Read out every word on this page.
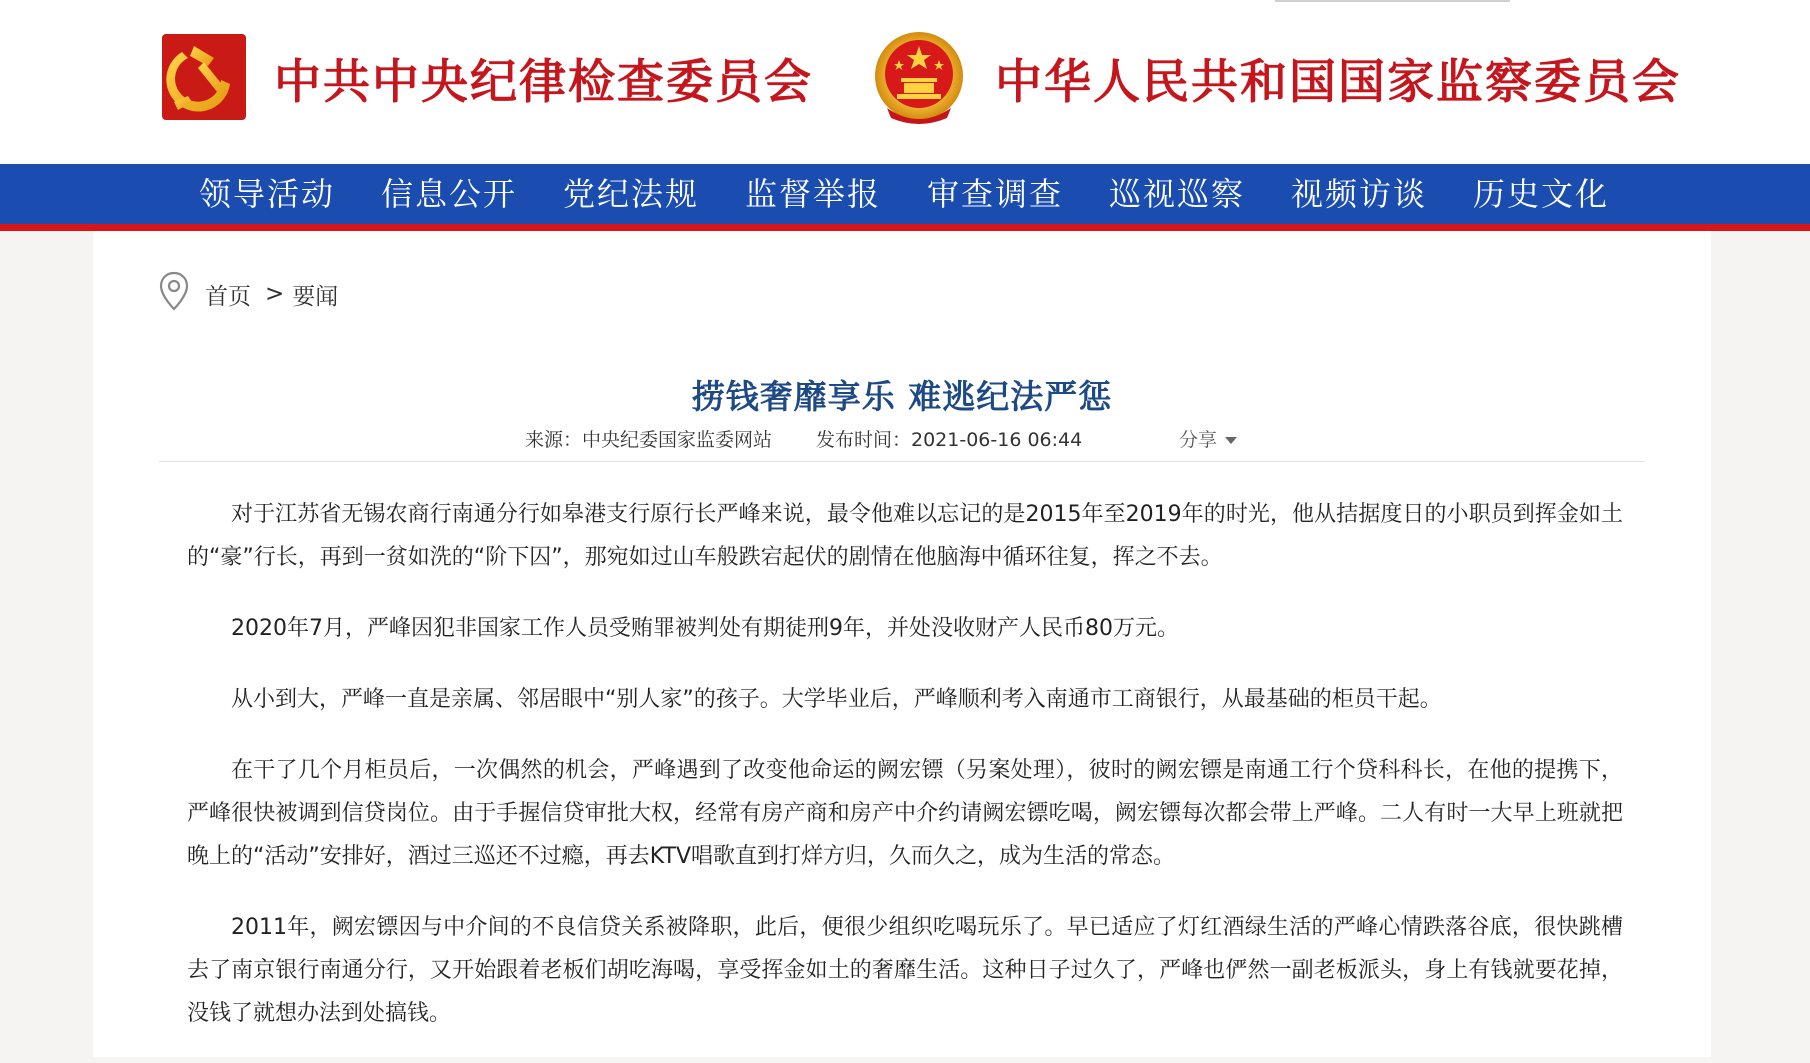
中共中央纪律检查委员会	中华人民共和国国家监察委员会
领导活动	信息公开	党纪法规	监督举报	审查调查	巡视巡察	视频访谈	历史文化
首页 > 要闻
捞钱奢靡享乐 难逃纪法严惩
来源：中央纪委国家监委网站 发布时间：2021-06-16 06:44	分享

对于江苏省无锡农商行南通分行如皋港支行原行长严峰来说，最令他难以忘记的是2015年至2019年的时光，他从拮据度日的小职员到挥金如土的“豪”行长，再到一贫如洗的“阶下囚”，那宛如过山车般跌宕起伏的剧情在他脑海中循环往复，挥之不去。

2020年7月，严峰因犯非国家工作人员受贿罪被判处有期徒刑9年，并处没收财产人民币80万元。

从小到大，严峰一直是亲属、邻居眼中“别人家”的孩子。大学毕业后，严峰顺利考入南通市工商银行，从最基础的柜员干起。

在干了几个月柜员后，一次偶然的机会，严峰遇到了改变他命运的阙宏镖（另案处理），彼时的阙宏镖是南通工行个贷科科长，在他的提携下，严峰很快被调到信贷岗位。由于手握信贷审批大权，经常有房产商和房产中介约请阙宏镖吃喝，阙宏镖每次都会带上严峰。二人有时一大早上班就把晚上的“活动”安排好，酒过三巡还不过瘾，再去KTV唱歌直到打烊方归，久而久之，成为生活的常态。

2011年，阙宏镖因与中介间的不良信贷关系被降职，此后，便很少组织吃喝玩乐了。早已适应了灯红酒绿生活的严峰心情跌落谷底，很快跳槽去了南京银行南通分行，又开始跟着老板们胡吃海喝，享受挥金如土的奢靡生活。这种日子过久了，严峰也俨然一副老板派头，身上有钱就要花掉，没钱了就想办法到处搞钱。
